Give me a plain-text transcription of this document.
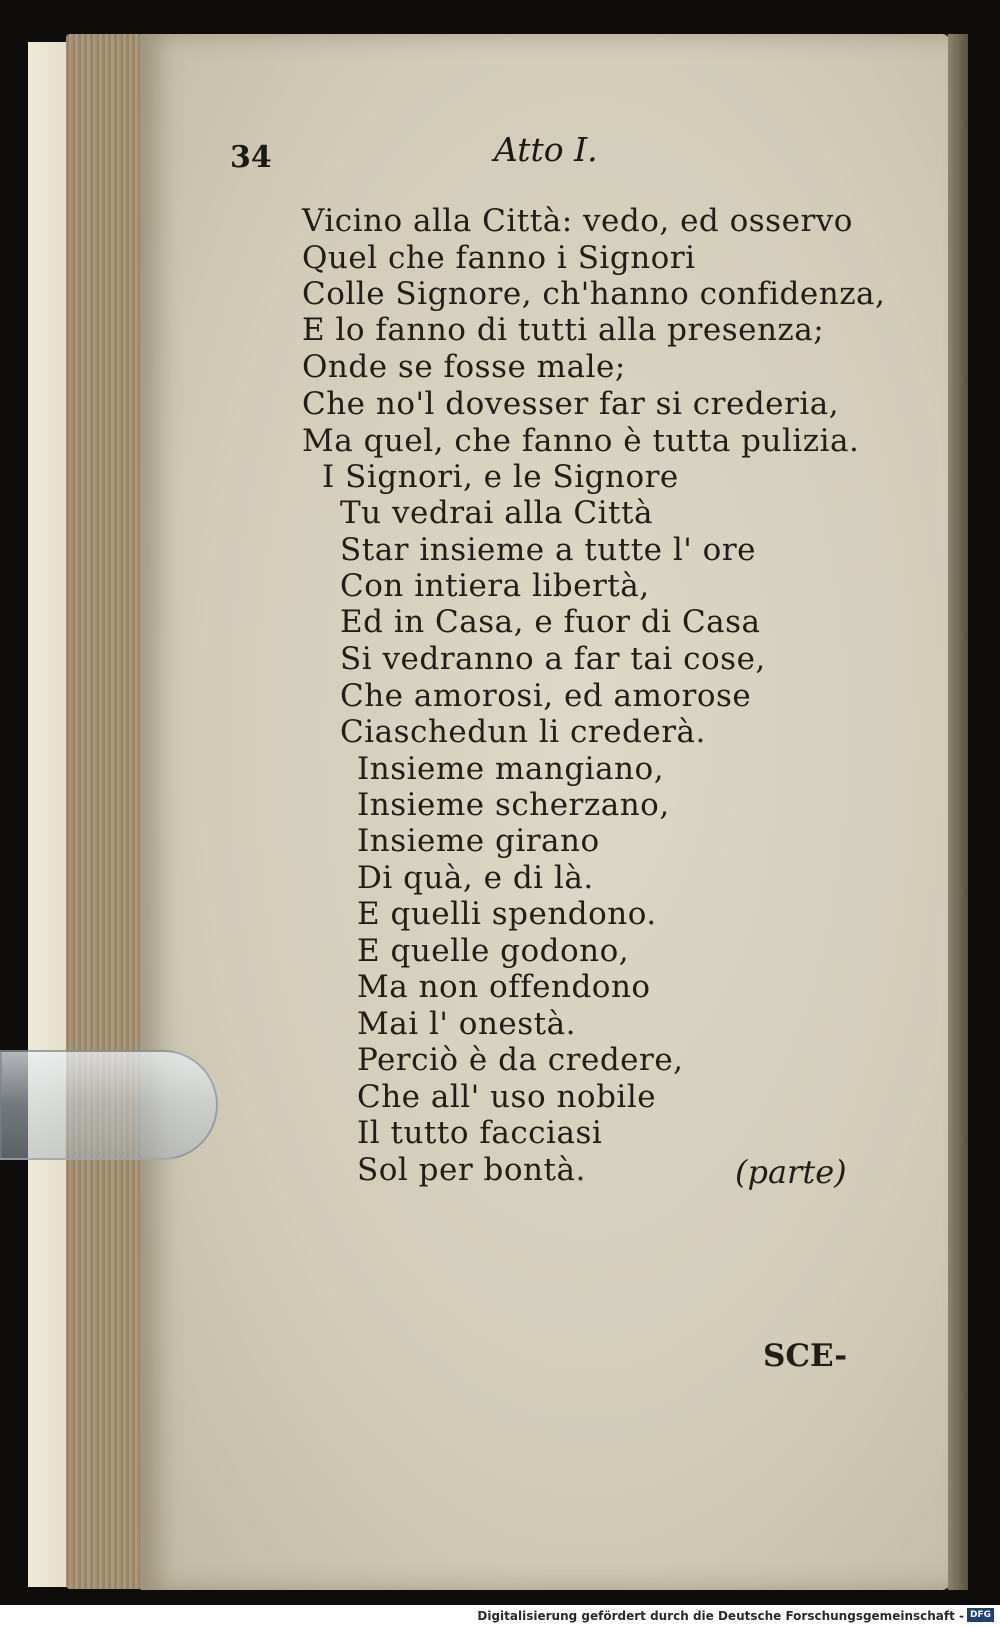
34	Atto I.

Vicino alla Città: vedo, ed osservo

Quel che fanno i Signori

Colle Signore, ch'hanno confidenza,

E lo fanno di tutti alla presenza;

Onde se fosse male;

Che no'l dovesser far si crederia,

Ma quel, che fanno è tutta pulizia.

I Signori, e le Signore

Tu vedrai alla Città

Star insieme a tutte l' ore

Con intiera libertà,

Ed in Casa, e fuor di Casa

Si vedranno a far tai cose,

Che amorosi, ed amorose

Ciaschedun li crederà.

Insieme mangiano,

Insieme scherzano,

Insieme girano

Di quà, e di là.

E quelli spendono.

E quelle godono,

Ma non offendono

Mai l' onestà.

Perciò è da credere,

Che all' uso nobile

Il tutto facciasi

Sol per bontà.	(parte)
SCE-
Digitalisierung gefördert durch die Deutsche Forschungsgemeinschaft - DFG
